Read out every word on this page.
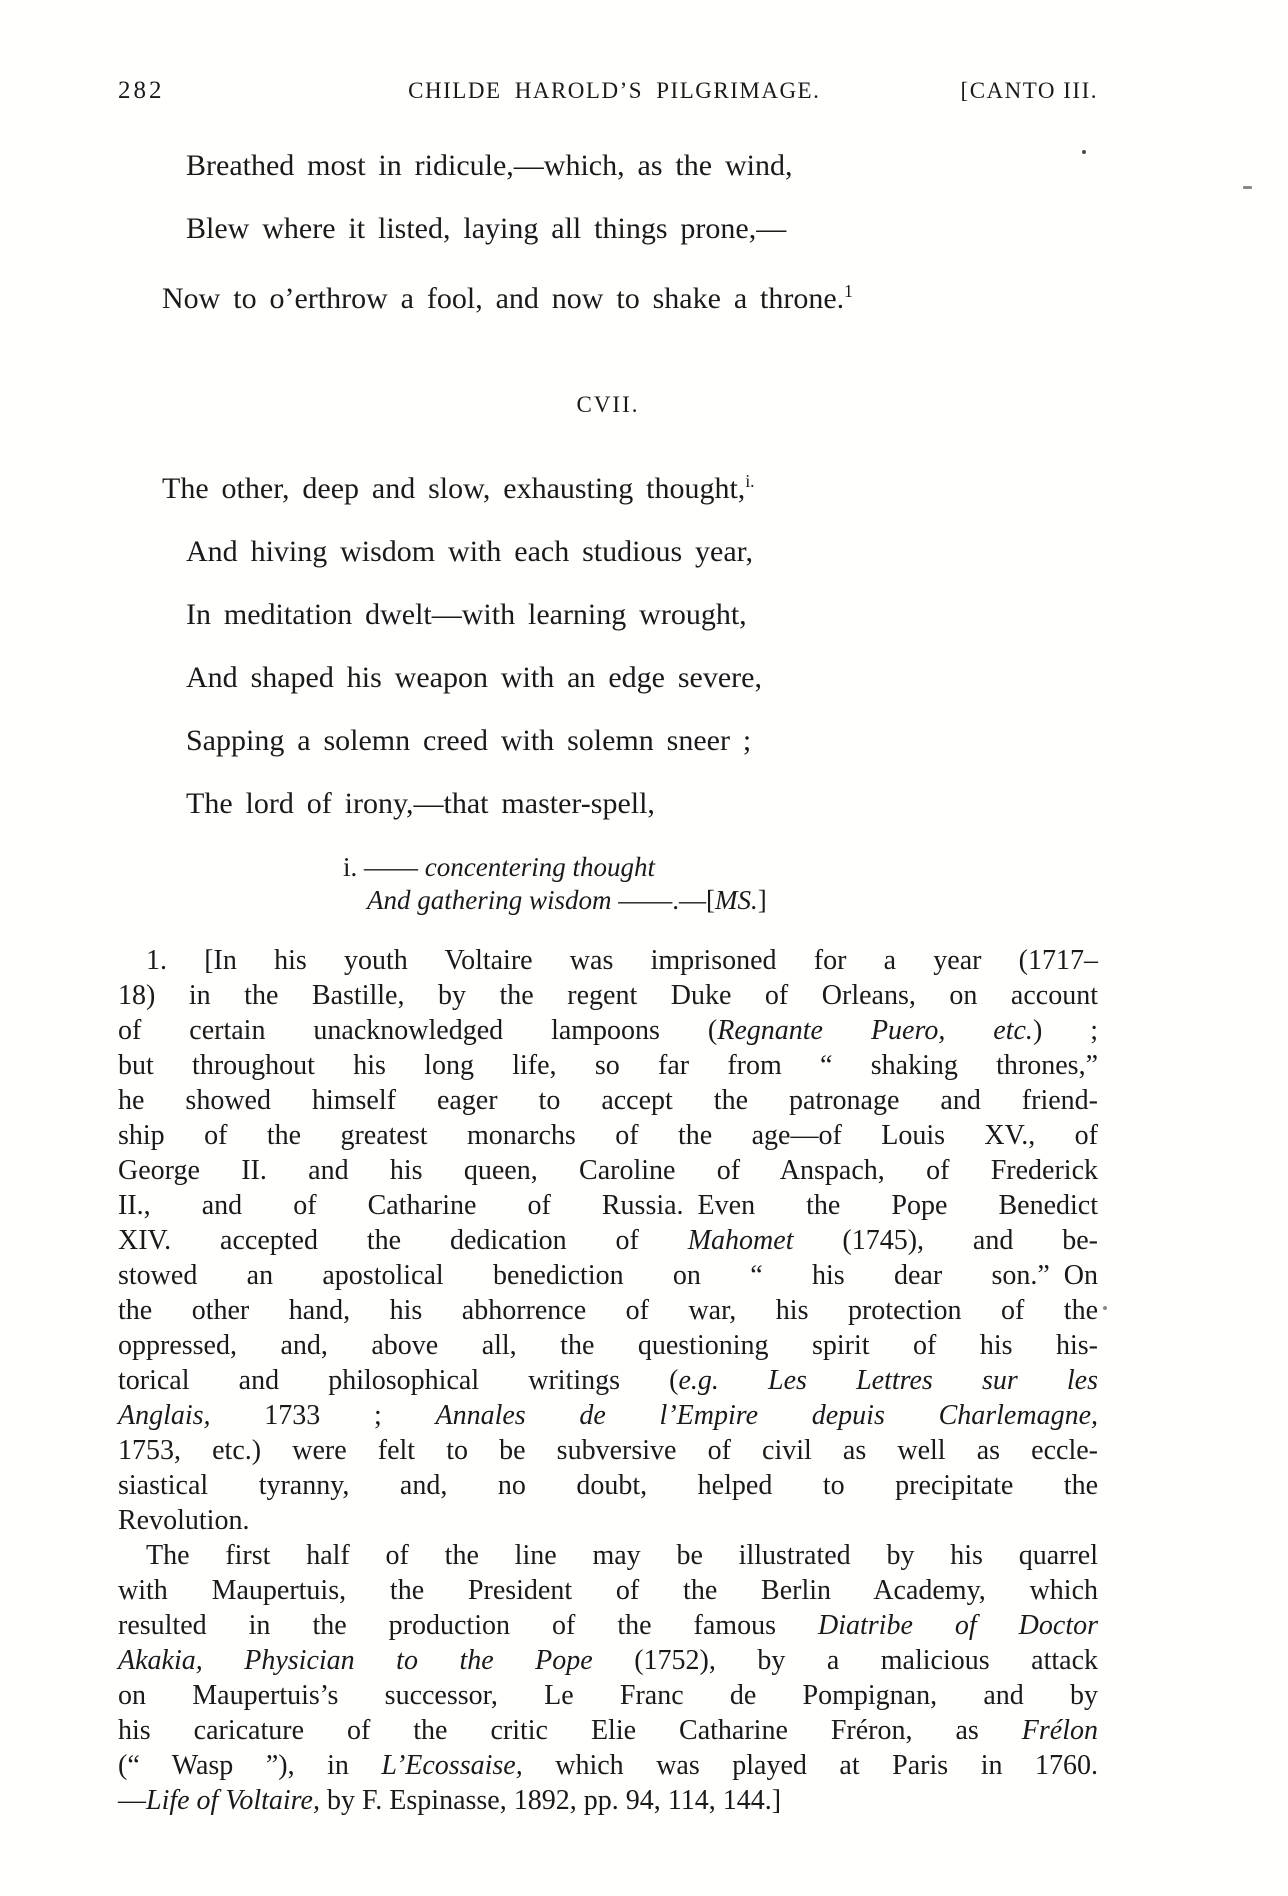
282	CHILDE HAROLD’S PILGRIMAGE.	[CANTO III.
Breathed most in ridicule,—which, as the wind,
Blew where it listed, laying all things prone,—
Now to o’erthrow a fool, and now to shake a throne.$^1$
CVII.
The other, deep and slow, exhausting thought,$^{i.}$
And hiving wisdom with each studious year,
In meditation dwelt—with learning wrought,
And shaped his weapon with an edge severe,
Sapping a solemn creed with solemn sneer ;
The lord of irony,—that master-spell,
i. —— concentering thought
And gathering wisdom ——.—[MS.]
1. [In his youth Voltaire was imprisoned for a year (1717–
18) in the Bastille, by the regent Duke of Orleans, on account
of certain unacknowledged lampoons (Regnante Puero, etc.) ;
but throughout his long life, so far from “ shaking thrones,”
he showed himself eager to accept the patronage and friend-
ship of the greatest monarchs of the age—of Louis XV., of
George II. and his queen, Caroline of Anspach, of Frederick
II., and of Catharine of Russia. Even the Pope Benedict
XIV. accepted the dedication of Mahomet (1745), and be-
stowed an apostolical benediction on “ his dear son.” On
the other hand, his abhorrence of war, his protection of the
oppressed, and, above all, the questioning spirit of his his-
torical and philosophical writings (e.g. Les Lettres sur les
Anglais, 1733 ; Annales de l’Empire depuis Charlemagne,
1753, etc.) were felt to be subversive of civil as well as eccle-
siastical tyranny, and, no doubt, helped to precipitate the
Revolution.
The first half of the line may be illustrated by his quarrel
with Maupertuis, the President of the Berlin Academy, which
resulted in the production of the famous Diatribe of Doctor
Akakia, Physician to the Pope (1752), by a malicious attack
on Maupertuis’s successor, Le Franc de Pompignan, and by
his caricature of the critic Elie Catharine Fréron, as Frélon
(“ Wasp ”), in L’Ecossaise, which was played at Paris in 1760.
—Life of Voltaire, by F. Espinasse, 1892, pp. 94, 114, 144.]
